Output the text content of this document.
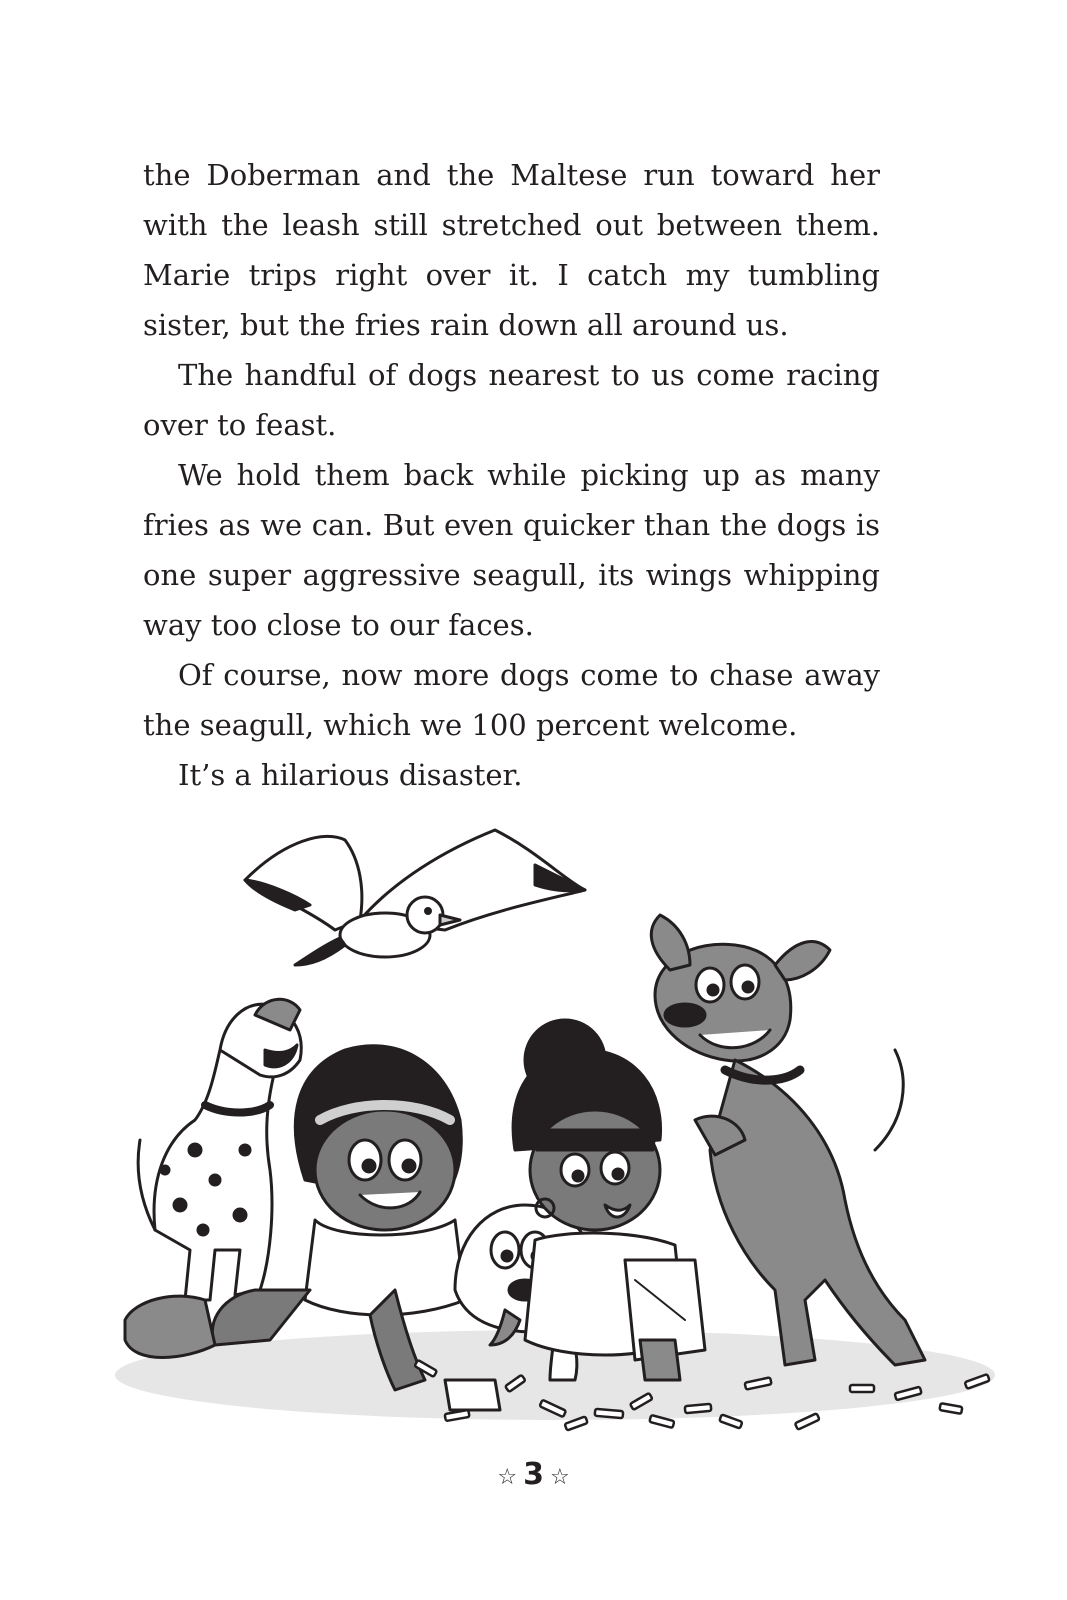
the Doberman and the Maltese run toward her with the leash still stretched out between them. Marie trips right over it. I catch my tumbling sister, but the fries rain down all around us.

The handful of dogs nearest to us come racing over to feast.

We hold them back while picking up as many fries as we can. But even quicker than the dogs is one super aggressive seagull, its wings whipping way too close to our faces.

Of course, now more dogs come to chase away the seagull, which we 100 percent welcome.

It’s a hilarious disaster.

☆ 3 ☆
